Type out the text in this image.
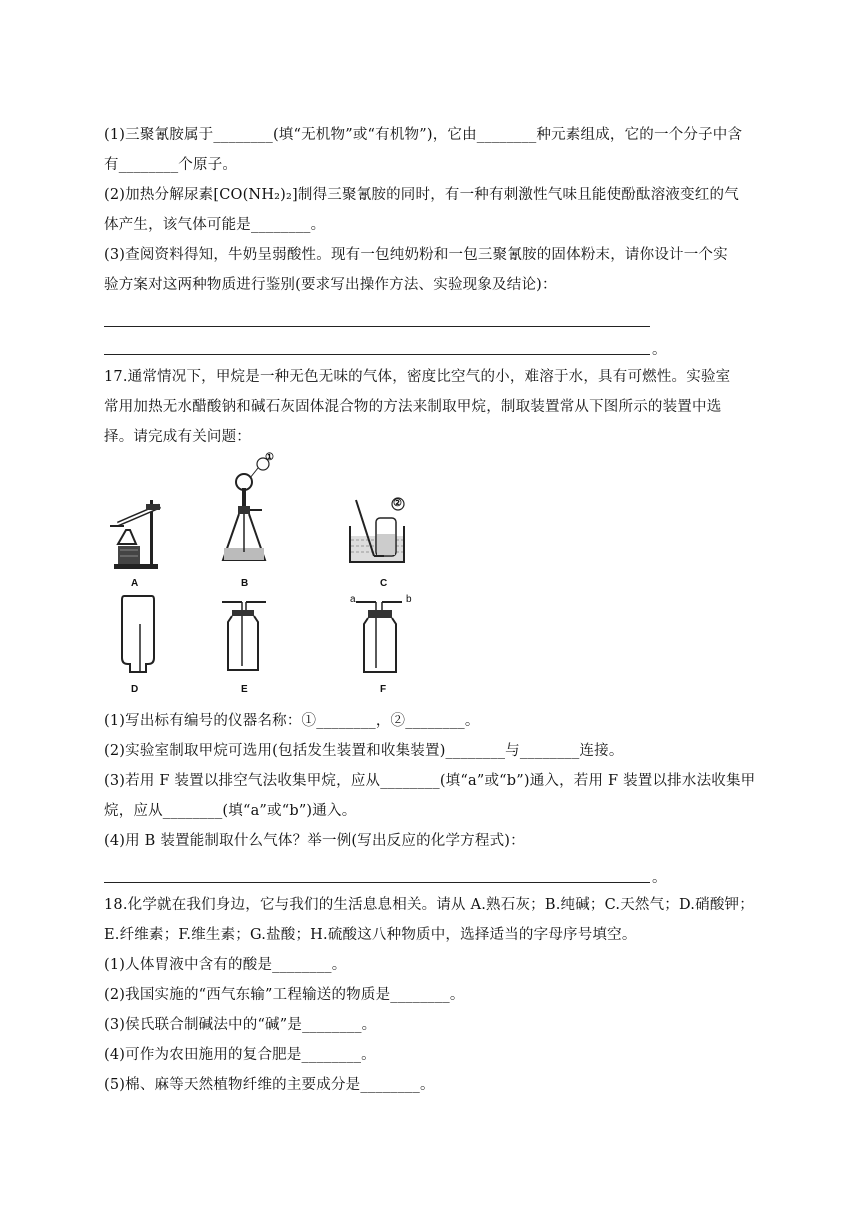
(1)三聚氰胺属于________(填“无机物”或“有机物”)，它由________种元素组成，它的一个分子中含
有________个原子。
(2)加热分解尿素[CO(NH₂)₂]制得三聚氰胺的同时，有一种有刺激性气味且能使酚酞溶液变红的气
体产生，该气体可能是________。
(3)查阅资料得知，牛奶呈弱酸性。现有一包纯奶粉和一包三聚氰胺的固体粉末，请你设计一个实
验方案对这两种物质进行鉴别(要求写出操作方法、实验现象及结论)：
。
17.通常情况下，甲烷是一种无色无味的气体，密度比空气的小，难溶于水，具有可燃性。实验室
常用加热无水醋酸钠和碱石灰固体混合物的方法来制取甲烷，制取装置常从下图所示的装置中选
择。请完成有关问题：
A	B
①
C
②
D	E
a	b
F
(1)写出标有编号的仪器名称：①________，②________。
(2)实验室制取甲烷可选用(包括发生装置和收集装置)________与________连接。
(3)若用 F 装置以排空气法收集甲烷，应从________(填“a”或“b”)通入，若用 F 装置以排水法收集甲
烷，应从________(填“a”或“b”)通入。
(4)用 B 装置能制取什么气体？举一例(写出反应的化学方程式)：
。
18.化学就在我们身边，它与我们的生活息息相关。请从 A.熟石灰；B.纯碱；C.天然气；D.硝酸钾；
E.纤维素；F.维生素；G.盐酸；H.硫酸这八种物质中，选择适当的字母序号填空。
(1)人体胃液中含有的酸是________。
(2)我国实施的“西气东输”工程输送的物质是________。
(3)侯氏联合制碱法中的“碱”是________。
(4)可作为农田施用的复合肥是________。
(5)棉、麻等天然植物纤维的主要成分是________。
